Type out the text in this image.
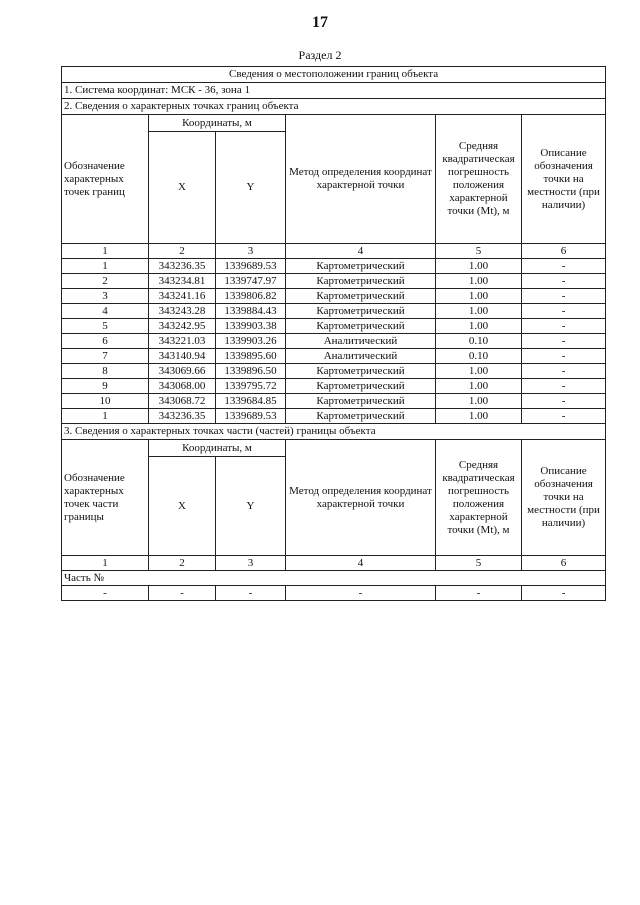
17
Раздел 2
Сведения о местоположении границ объекта					
1. Система координат: МСК - 36, зона 1					
2. Сведения о характерных точках границ объекта					
Обозначение характерных точек границ	Координаты, м		Метод определения координат характерной точки	Средняя квадратическая погрешность положения характерной точки (Mt), м	Описание обозначения точки на местности (при наличии)
	X	Y			
1	2	3	4	5	6
1	343236.35	1339689.53	Картометрический	1.00	-
2	343234.81	1339747.97	Картометрический	1.00	-
3	343241.16	1339806.82	Картометрический	1.00	-
4	343243.28	1339884.43	Картометрический	1.00	-
5	343242.95	1339903.38	Картометрический	1.00	-
6	343221.03	1339903.26	Аналитический	0.10	-
7	343140.94	1339895.60	Аналитический	0.10	-
8	343069.66	1339896.50	Картометрический	1.00	-
9	343068.00	1339795.72	Картометрический	1.00	-
10	343068.72	1339684.85	Картометрический	1.00	-
1	343236.35	1339689.53	Картометрический	1.00	-
3. Сведения о характерных точках части (частей) границы объекта					
Обозначение характерных точек части границы	Координаты, м		Метод определения координат характерной точки	Средняя квадратическая погрешность положения характерной точки (Mt), м	Описание обозначения точки на местности (при наличии)
	X	Y			
1	2	3	4	5	6
Часть №					
-	-	-	-	-	-
